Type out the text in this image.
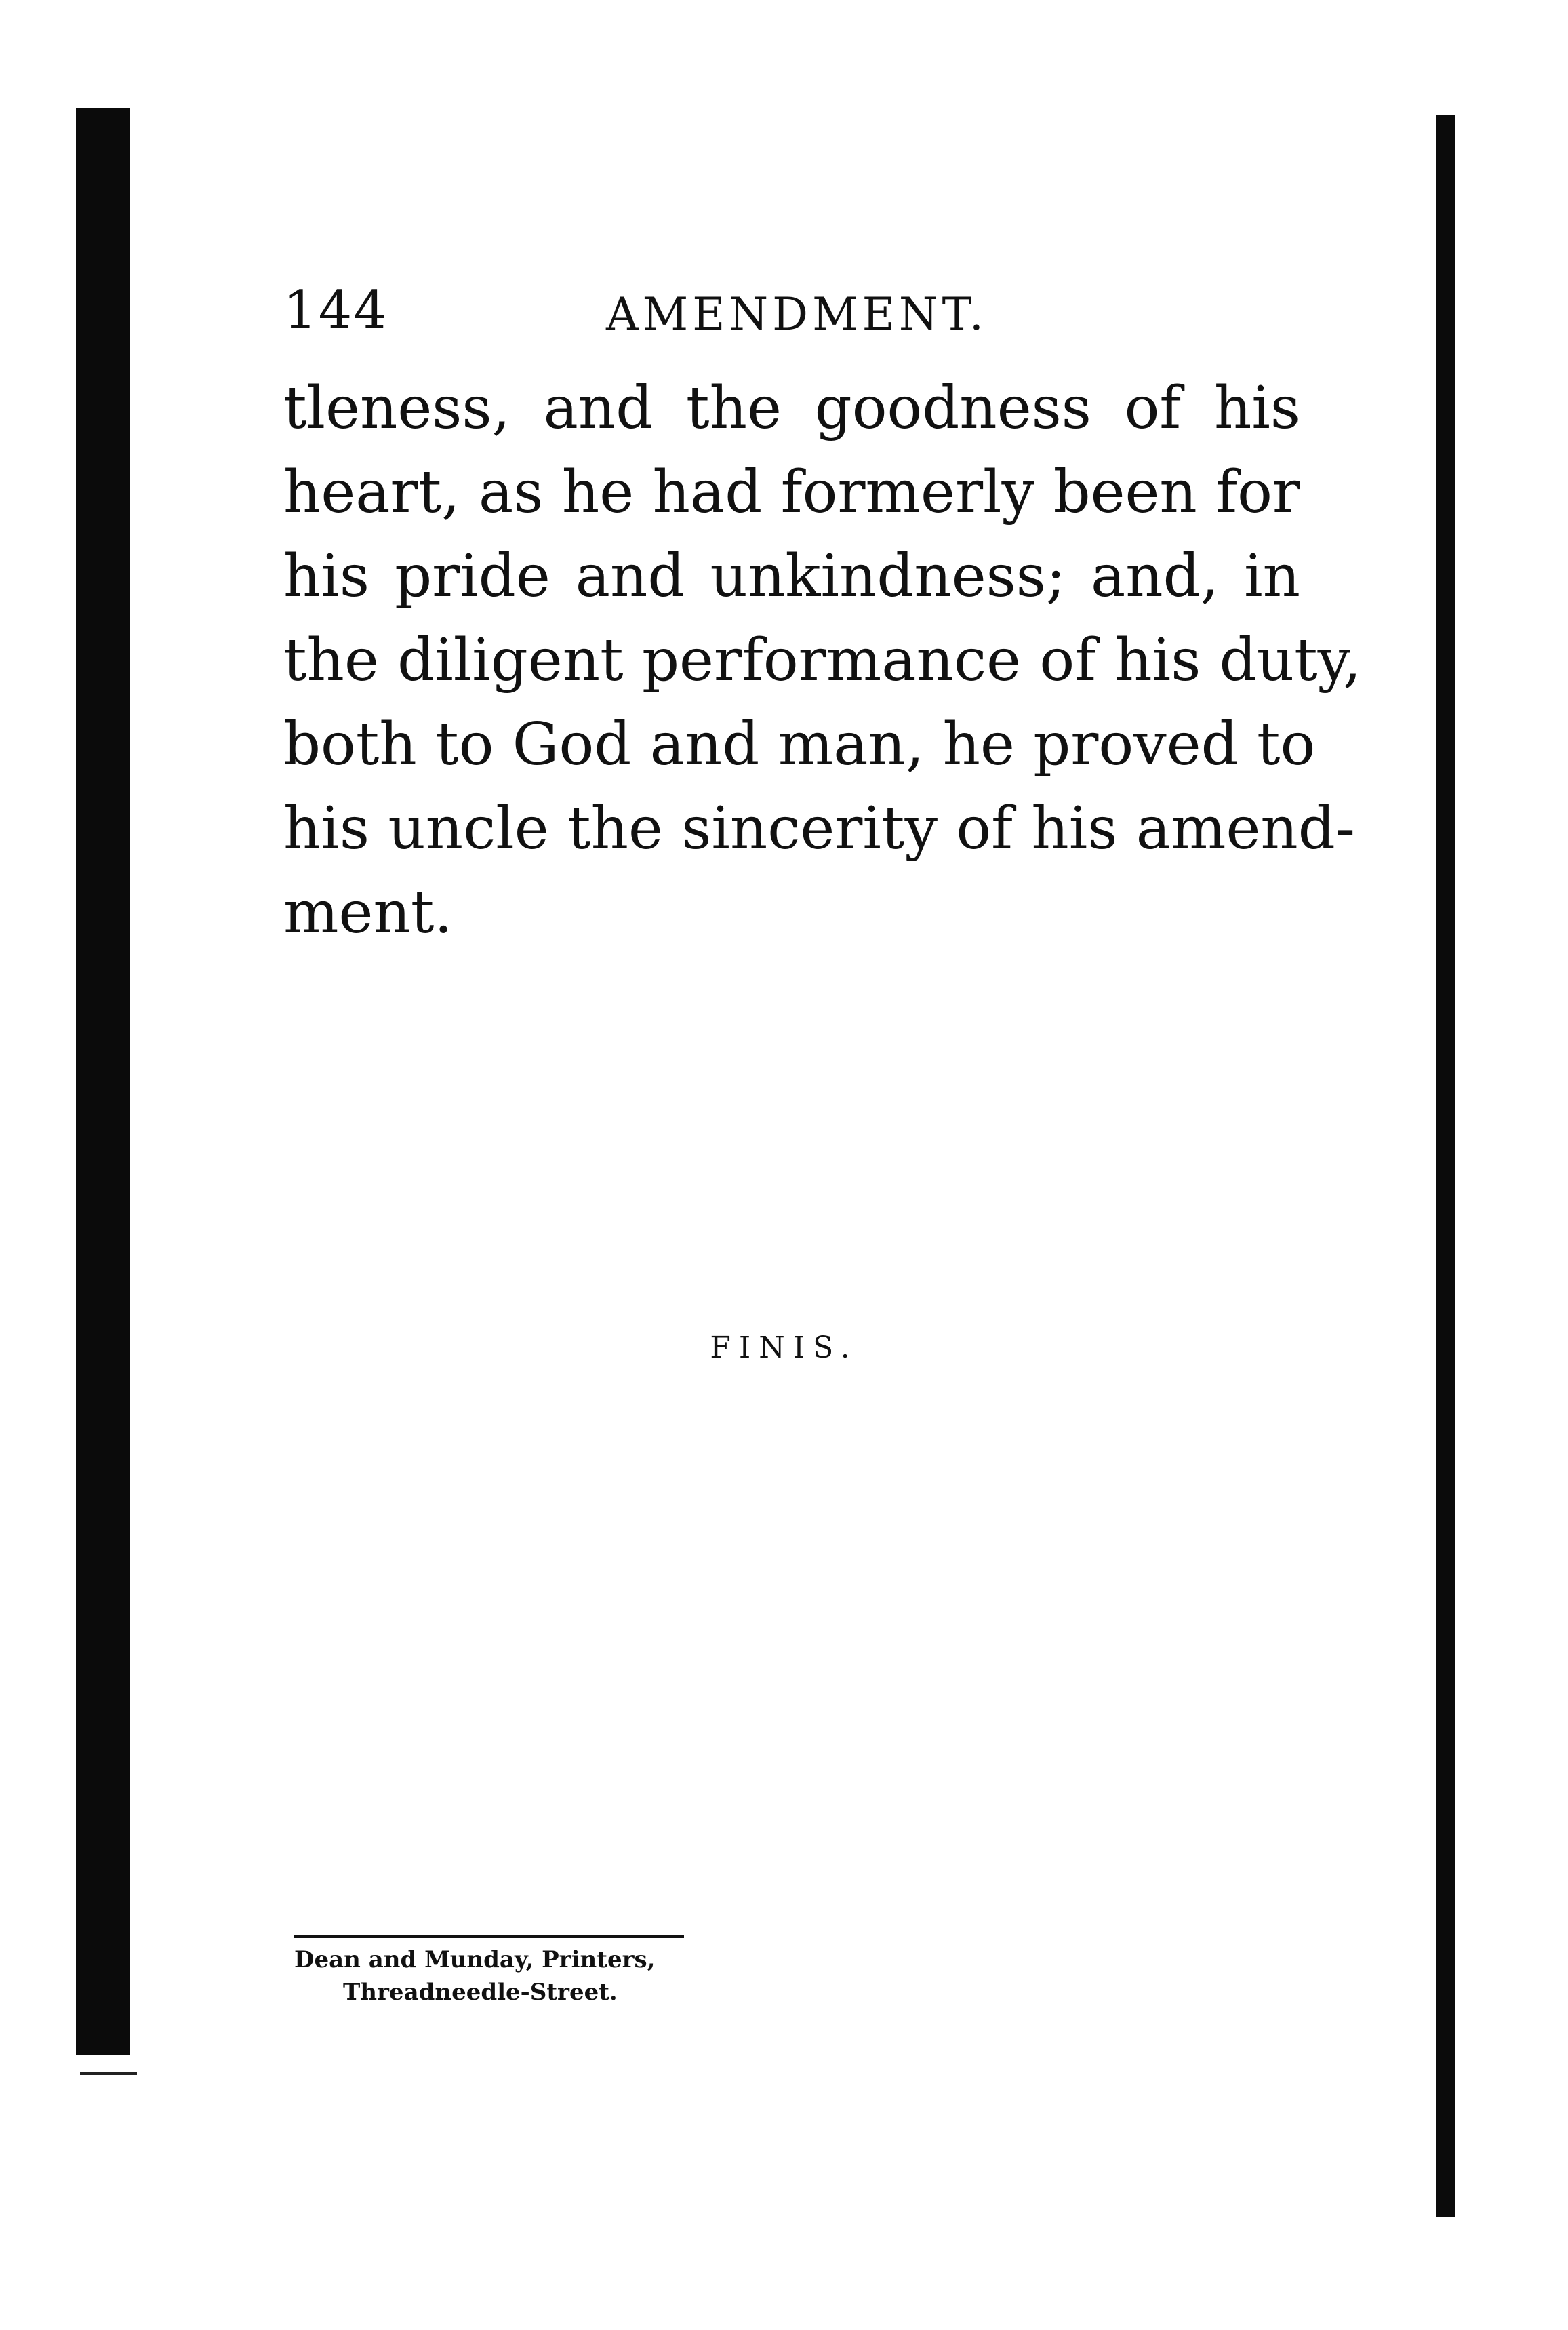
144	AMENDMENT.
tleness, and the goodness of his
heart, as he had formerly been for
his pride and unkindness; and, in
the diligent performance of his duty,
both to God and man, he proved to
his uncle the sincerity of his amend-
ment.
FINIS.
Dean and Munday, Printers,
Threadneedle-Street.
